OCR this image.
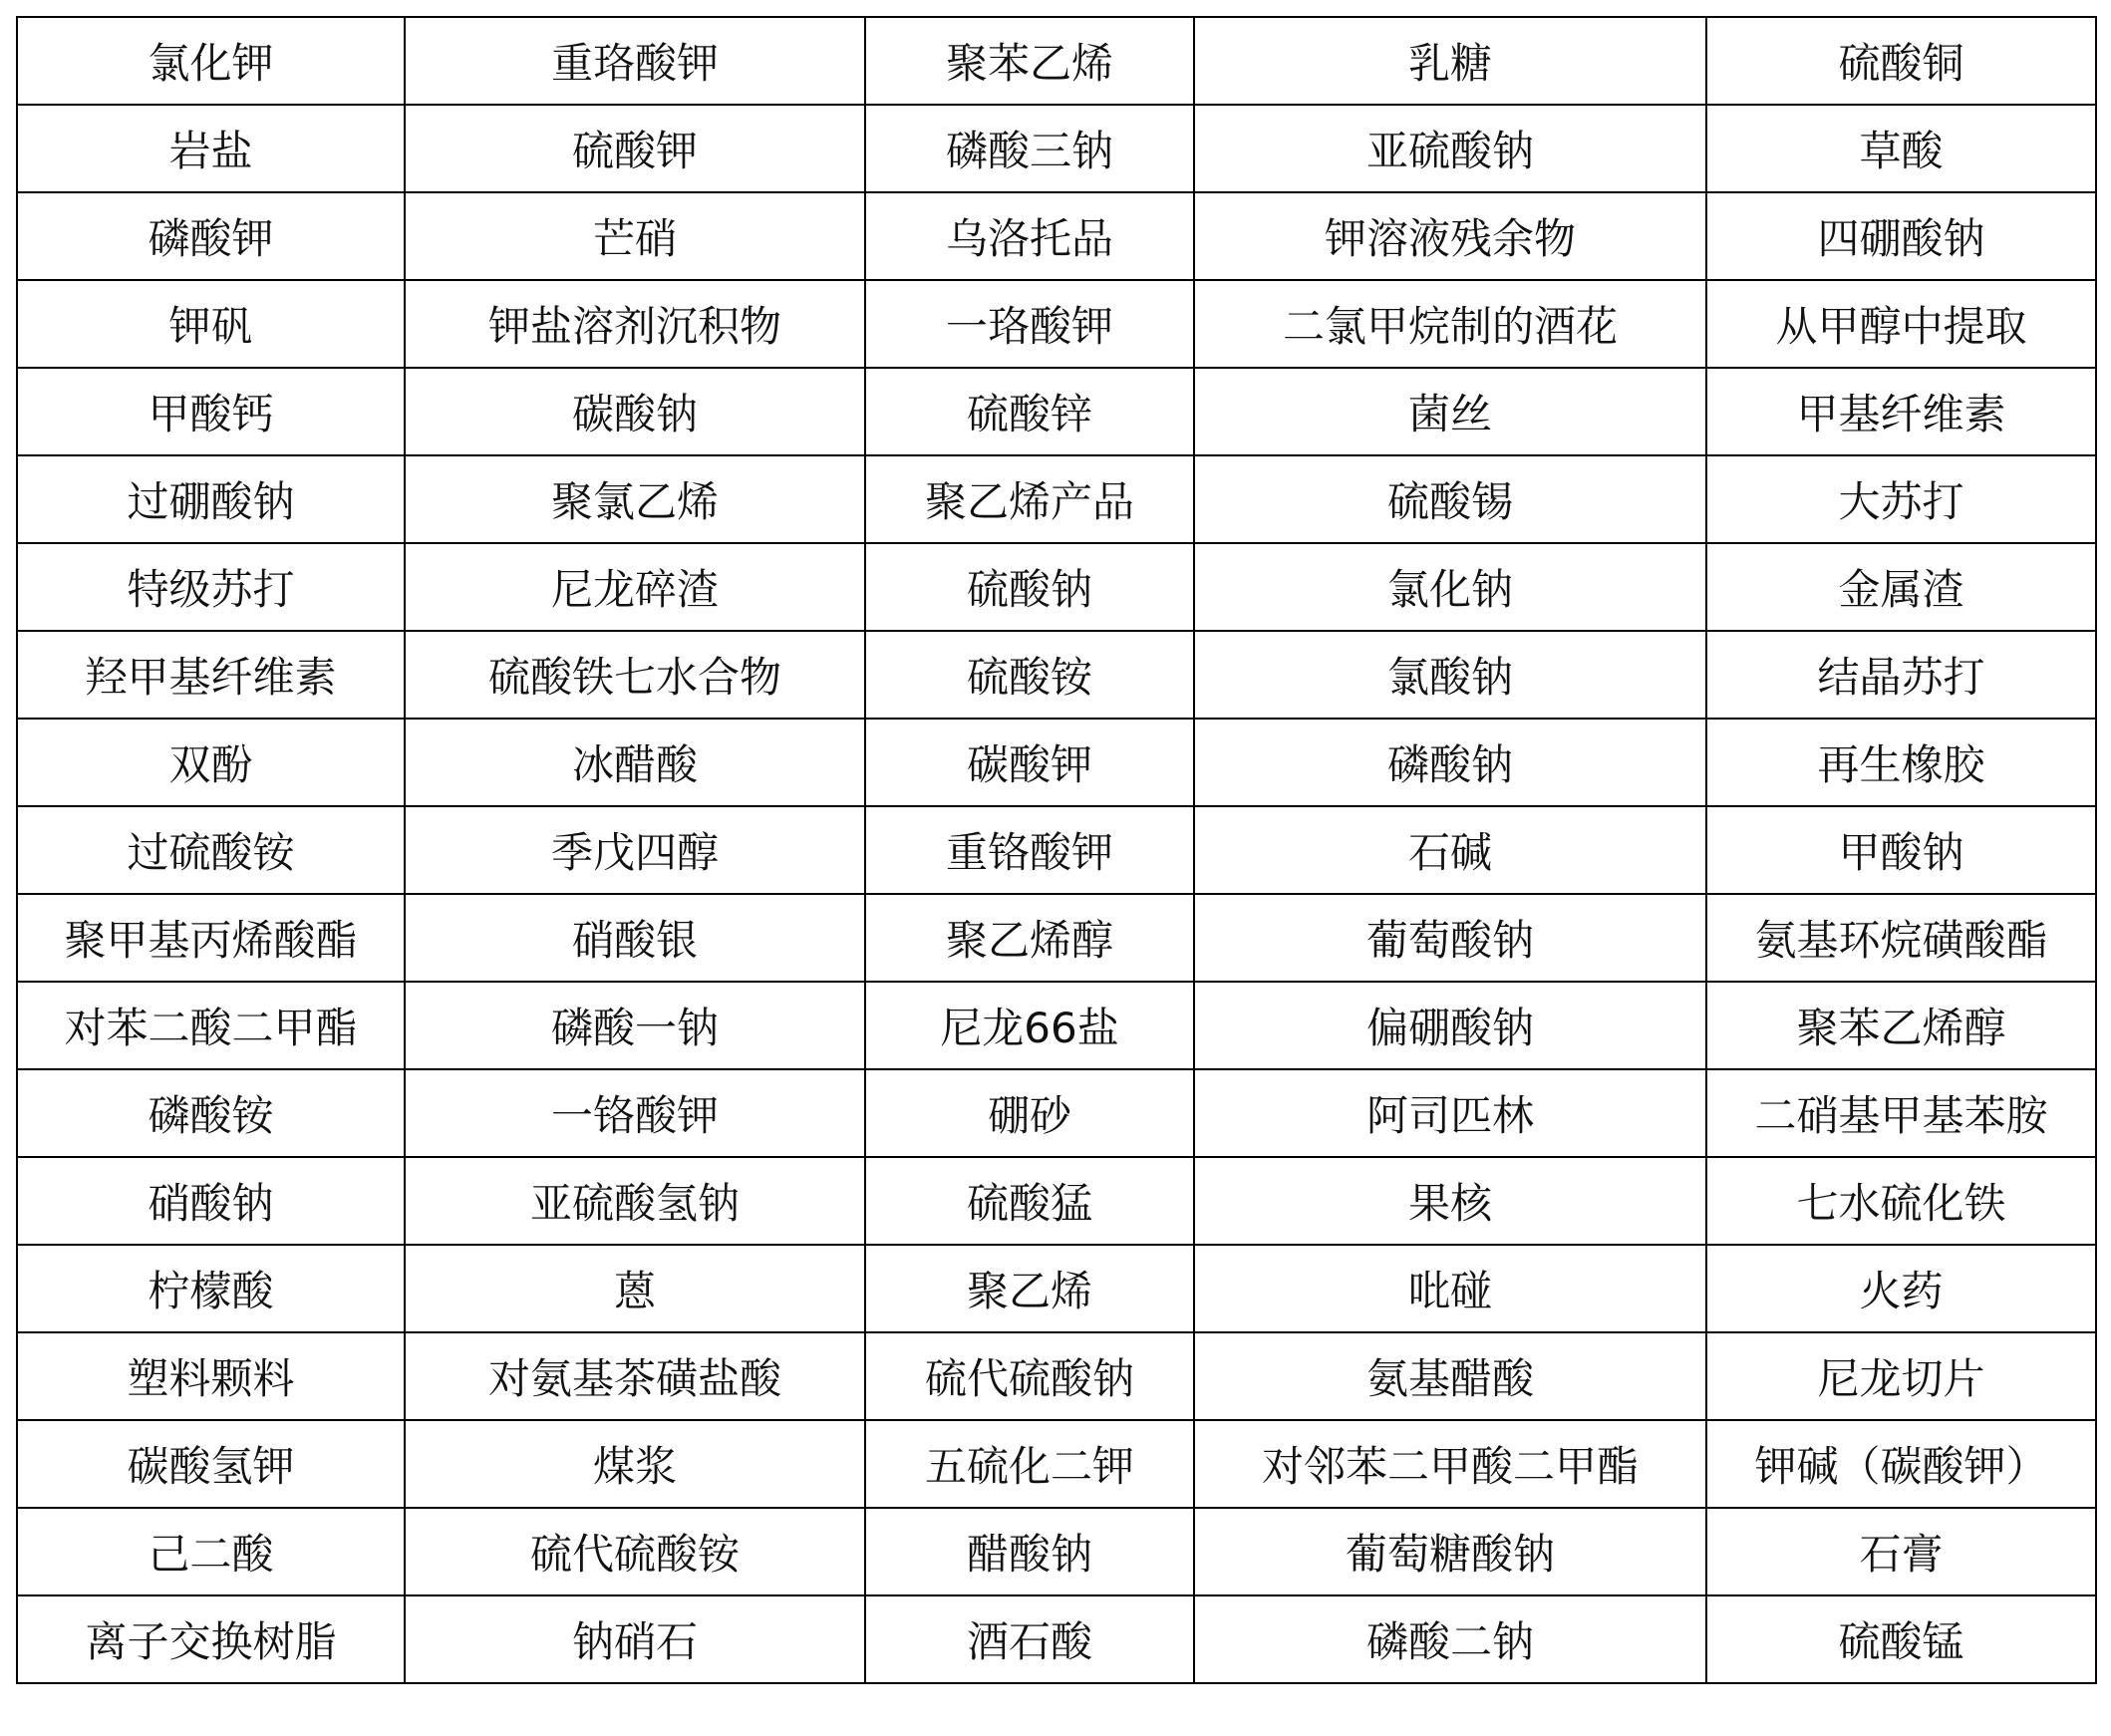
氯化钾	重珞酸钾	聚苯乙烯	乳糖	硫酸铜
岩盐	硫酸钾	磷酸三钠	亚硫酸钠	草酸
磷酸钾	芒硝	乌洛托品	钾溶液残余物	四硼酸钠
钾矾	钾盐溶剂沉积物	一珞酸钾	二氯甲烷制的酒花	从甲醇中提取
甲酸钙	碳酸钠	硫酸锌	菌丝	甲基纤维素
过硼酸钠	聚氯乙烯	聚乙烯产品	硫酸锡	大苏打
特级苏打	尼龙碎渣	硫酸钠	氯化钠	金属渣
羟甲基纤维素	硫酸铁七水合物	硫酸铵	氯酸钠	结晶苏打
双酚	冰醋酸	碳酸钾	磷酸钠	再生橡胶
过硫酸铵	季戊四醇	重铬酸钾	石碱	甲酸钠
聚甲基丙烯酸酯	硝酸银	聚乙烯醇	葡萄酸钠	氨基环烷磺酸酯
对苯二酸二甲酯	磷酸一钠	尼龙66盐	偏硼酸钠	聚苯乙烯醇
磷酸铵	一铬酸钾	硼砂	阿司匹林	二硝基甲基苯胺
硝酸钠	亚硫酸氢钠	硫酸猛	果核	七水硫化铁
柠檬酸	蒽	聚乙烯	吡碰	火药
塑料颗料	对氨基茶磺盐酸	硫代硫酸钠	氨基醋酸	尼龙切片
碳酸氢钾	煤浆	五硫化二钾	对邻苯二甲酸二甲酯	钾碱（碳酸钾）
己二酸	硫代硫酸铵	醋酸钠	葡萄糖酸钠	石膏
离子交换树脂	钠硝石	酒石酸	磷酸二钠	硫酸锰
